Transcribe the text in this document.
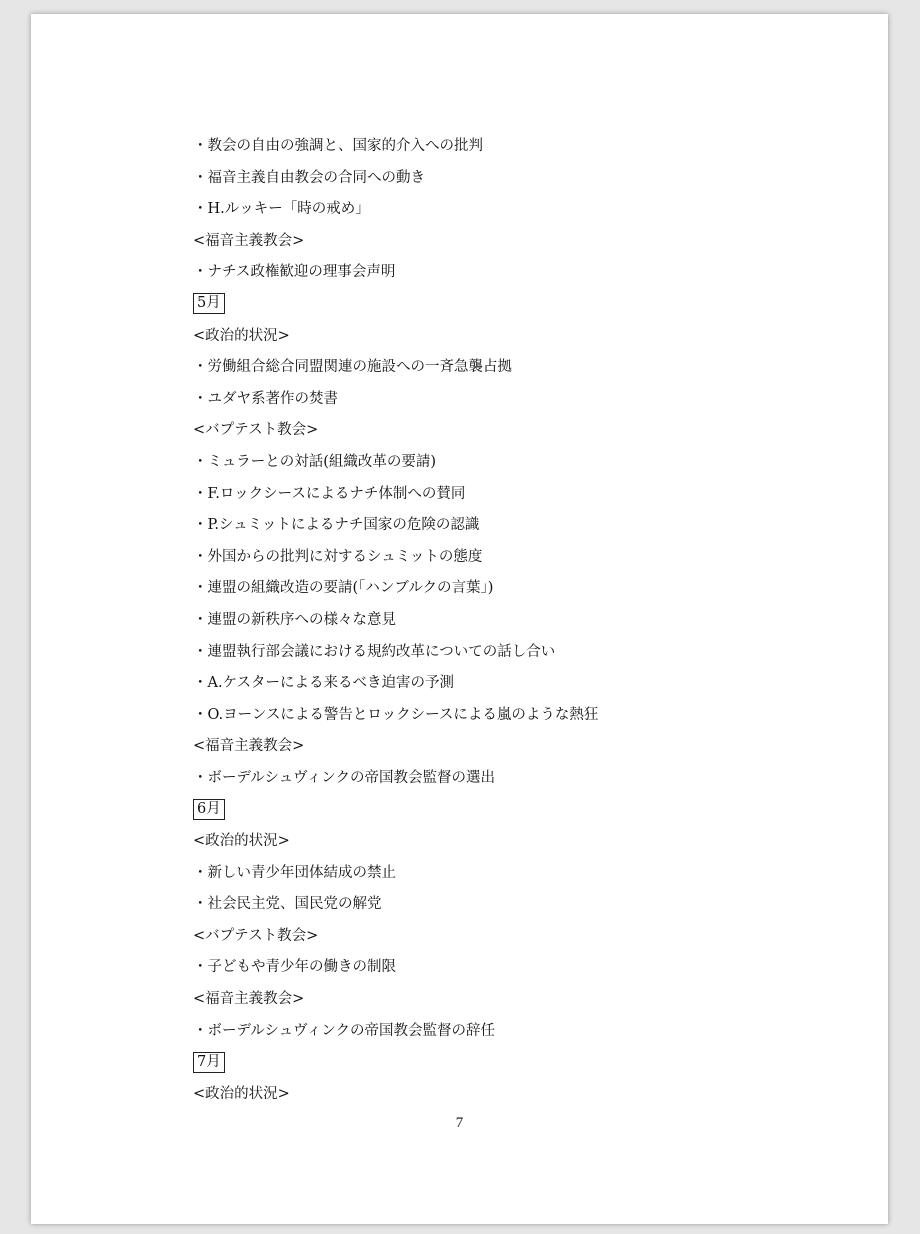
・教会の自由の強調と、国家的介入への批判
・福音主義自由教会の合同への動き
・H.ルッキー「時の戒め」
<福音主義教会>
・ナチス政権歓迎の理事会声明
5月
<政治的状況>
・労働組合総合同盟関連の施設への一斉急襲占拠
・ユダヤ系著作の焚書
<バプテスト教会>
・ミュラーとの対話(組織改革の要請)
・F.ロックシースによるナチ体制への賛同
・P.シュミットによるナチ国家の危険の認識
・外国からの批判に対するシュミットの態度
・連盟の組織改造の要請(「ハンブルクの言葉」)
・連盟の新秩序への様々な意見
・連盟執行部会議における規約改革についての話し合い
・A.ケスターによる来るべき迫害の予測
・O.ヨーンスによる警告とロックシースによる嵐のような熱狂
<福音主義教会>
・ボーデルシュヴィンクの帝国教会監督の選出
6月
<政治的状況>
・新しい青少年団体結成の禁止
・社会民主党、国民党の解党
<バプテスト教会>
・子どもや青少年の働きの制限
<福音主義教会>
・ボーデルシュヴィンクの帝国教会監督の辞任
7月
<政治的状況>
7
